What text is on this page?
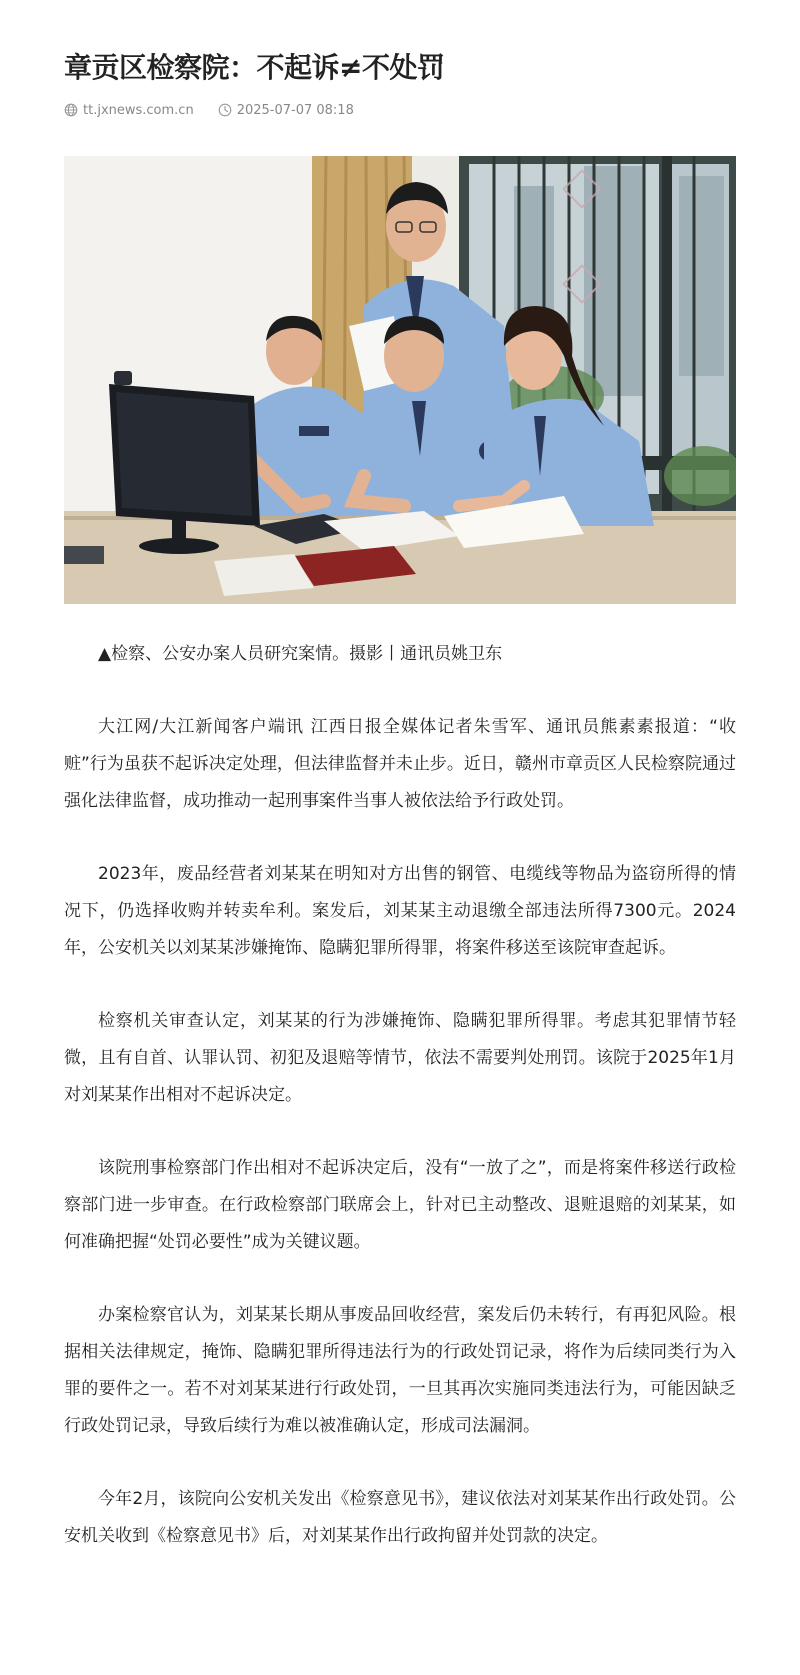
章贡区检察院：不起诉≠不处罚
tt.jxnews.com.cn	2025-07-07 08:18

▲检察、公安办案人员研究案情。摄影丨通讯员姚卫东

大江网/大江新闻客户端讯 江西日报全媒体记者朱雪军、通讯员熊素素报道：“收赃”行为虽获不起诉决定处理，但法律监督并未止步。近日，赣州市章贡区人民检察院通过强化法律监督，成功推动一起刑事案件当事人被依法给予行政处罚。

2023年，废品经营者刘某某在明知对方出售的钢管、电缆线等物品为盗窃所得的情况下，仍选择收购并转卖牟利。案发后，刘某某主动退缴全部违法所得7300元。2024年，公安机关以刘某某涉嫌掩饰、隐瞒犯罪所得罪，将案件移送至该院审查起诉。

检察机关审查认定，刘某某的行为涉嫌掩饰、隐瞒犯罪所得罪。考虑其犯罪情节轻微，且有自首、认罪认罚、初犯及退赔等情节，依法不需要判处刑罚。该院于2025年1月对刘某某作出相对不起诉决定。

该院刑事检察部门作出相对不起诉决定后，没有“一放了之”，而是将案件移送行政检察部门进一步审查。在行政检察部门联席会上，针对已主动整改、退赃退赔的刘某某，如何准确把握“处罚必要性”成为关键议题。

办案检察官认为，刘某某长期从事废品回收经营，案发后仍未转行，有再犯风险。根据相关法律规定，掩饰、隐瞒犯罪所得违法行为的行政处罚记录，将作为后续同类行为入罪的要件之一。若不对刘某某进行行政处罚，一旦其再次实施同类违法行为，可能因缺乏行政处罚记录，导致后续行为难以被准确认定，形成司法漏洞。

今年2月，该院向公安机关发出《检察意见书》，建议依法对刘某某作出行政处罚。公安机关收到《检察意见书》后，对刘某某作出行政拘留并处罚款的决定。
